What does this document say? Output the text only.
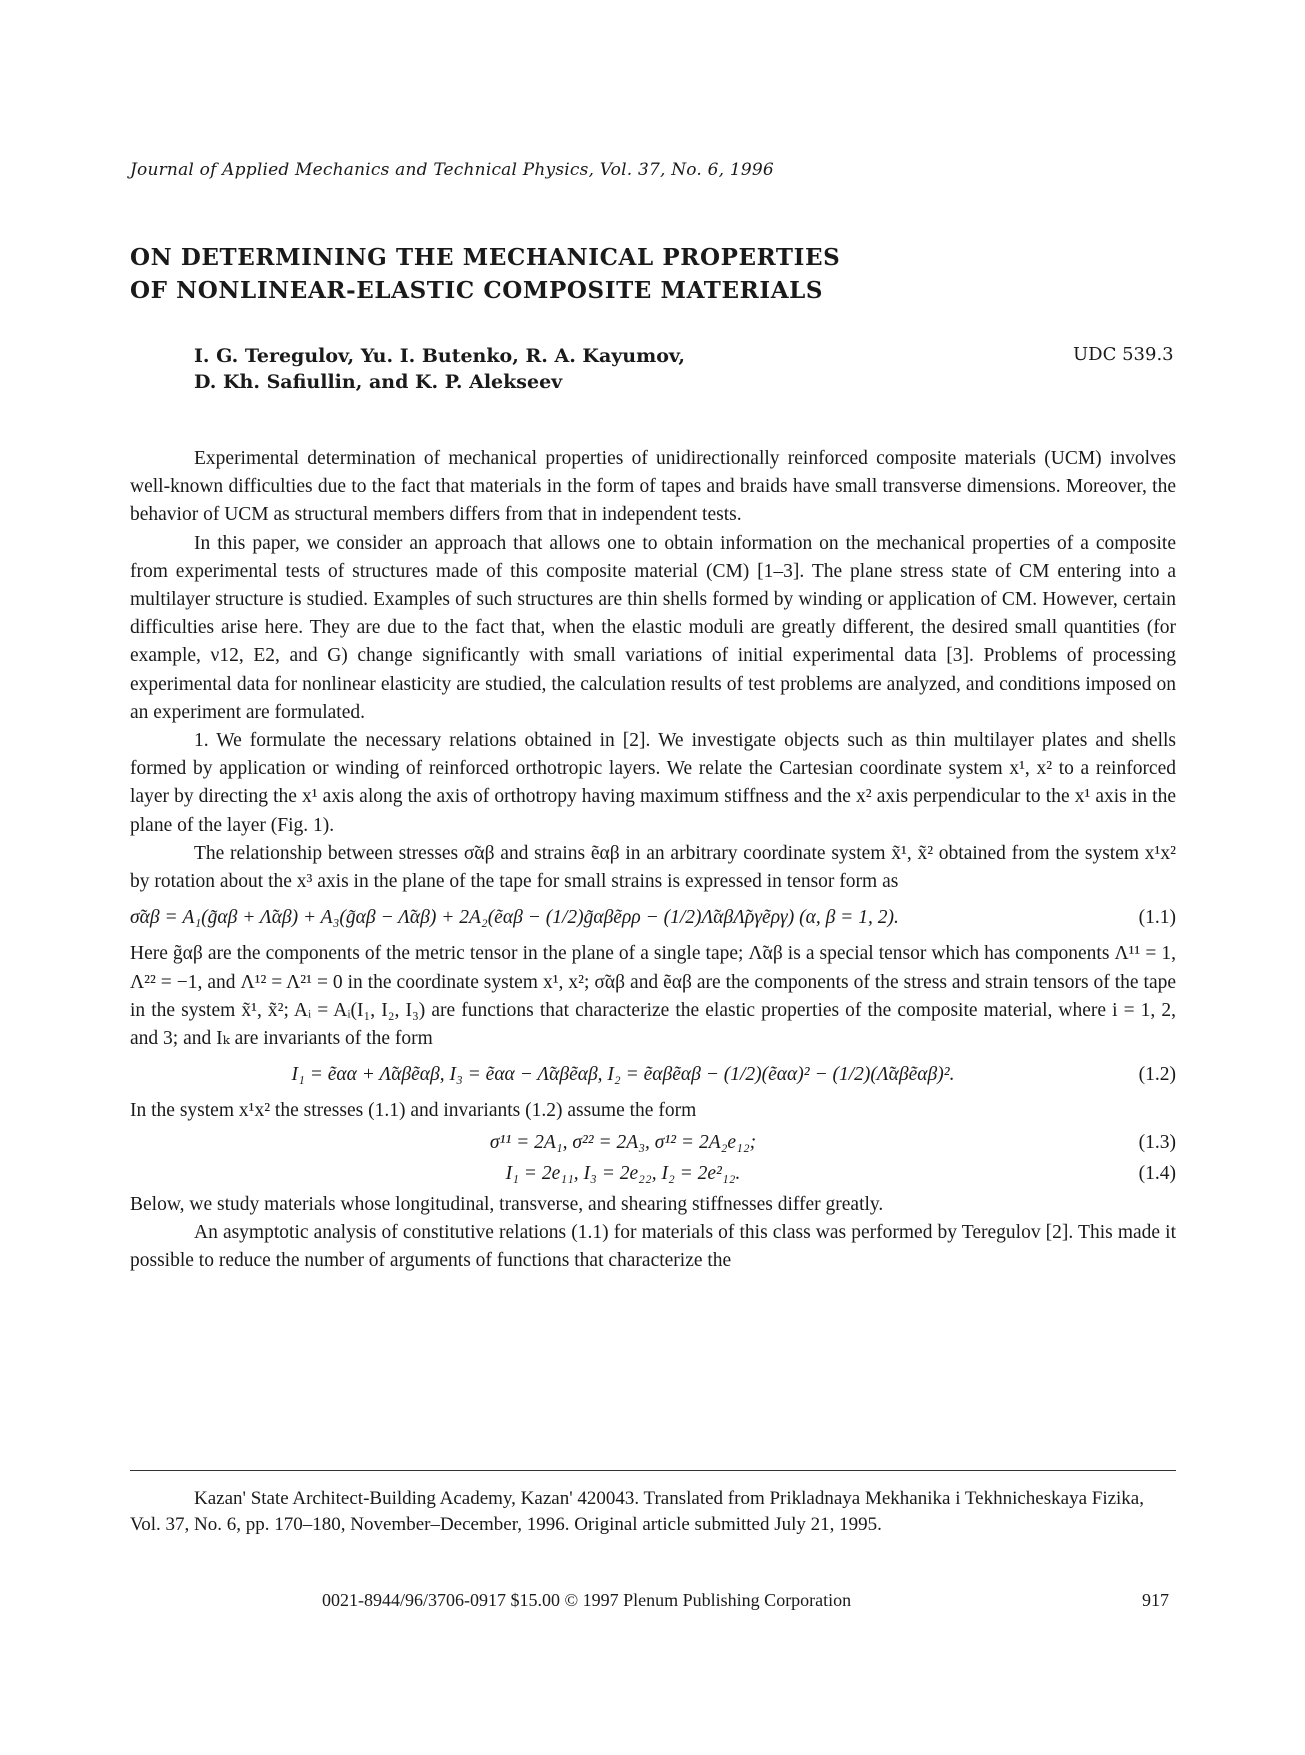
Journal of Applied Mechanics and Technical Physics, Vol. 37, No. 6, 1996
ON DETERMINING THE MECHANICAL PROPERTIES
OF NONLINEAR-ELASTIC COMPOSITE MATERIALS
I. G. Teregulov, Yu. I. Butenko, R. A. Kayumov,
D. Kh. Safiullin, and K. P. Alekseev
UDC 539.3

Experimental determination of mechanical properties of unidirectionally reinforced composite materials (UCM) involves well-known difficulties due to the fact that materials in the form of tapes and braids have small transverse dimensions. Moreover, the behavior of UCM as structural members differs from that in independent tests.

In this paper, we consider an approach that allows one to obtain information on the mechanical properties of a composite from experimental tests of structures made of this composite material (CM) [1–3]. The plane stress state of CM entering into a multilayer structure is studied. Examples of such structures are thin shells formed by winding or application of CM. However, certain difficulties arise here. They are due to the fact that, when the elastic moduli are greatly different, the desired small quantities (for example, ν12, E2, and G) change significantly with small variations of initial experimental data [3]. Problems of processing experimental data for nonlinear elasticity are studied, the calculation results of test problems are analyzed, and conditions imposed on an experiment are formulated.

1. We formulate the necessary relations obtained in [2]. We investigate objects such as thin multilayer plates and shells formed by application or winding of reinforced orthotropic layers. We relate the Cartesian coordinate system x¹, x² to a reinforced layer by directing the x¹ axis along the axis of orthotropy having maximum stiffness and the x² axis perpendicular to the x¹ axis in the plane of the layer (Fig. 1).

The relationship between stresses σ̃αβ and strains ẽαβ in an arbitrary coordinate system x̃¹, x̃² obtained from the system x¹x² by rotation about the x³ axis in the plane of the tape for small strains is expressed in tensor form as

σ̃αβ = A₁(g̃αβ + Λ̃αβ) + A₃(g̃αβ − Λ̃αβ) + 2A₂(ẽαβ − (1/2)g̃αβẽρρ − (1/2)Λ̃αβΛ̃ργẽργ) (α, β = 1, 2).	(1.1)

Here g̃αβ are the components of the metric tensor in the plane of a single tape; Λ̃αβ is a special tensor which has components Λ¹¹ = 1, Λ²² = −1, and Λ¹² = Λ²¹ = 0 in the coordinate system x¹, x²; σ̃αβ and ẽαβ are the components of the stress and strain tensors of the tape in the system x̃¹, x̃²; Aᵢ = Aᵢ(I₁, I₂, I₃) are functions that characterize the elastic properties of the composite material, where i = 1, 2, and 3; and Iₖ are invariants of the form

I₁ = ẽαα + Λ̃αβẽαβ, I₃ = ẽαα − Λ̃αβẽαβ, I₂ = ẽαβẽαβ − (1/2)(ẽαα)² − (1/2)(Λ̃αβẽαβ)².	(1.2)

In the system x¹x² the stresses (1.1) and invariants (1.2) assume the form

σ¹¹ = 2A₁, σ²² = 2A₃, σ¹² = 2A₂e₁₂;	(1.3)
I₁ = 2e₁₁, I₃ = 2e₂₂, I₂ = 2e²₁₂.	(1.4)

Below, we study materials whose longitudinal, transverse, and shearing stiffnesses differ greatly.

An asymptotic analysis of constitutive relations (1.1) for materials of this class was performed by Teregulov [2]. This made it possible to reduce the number of arguments of functions that characterize the

Kazan' State Architect-Building Academy, Kazan' 420043. Translated from Prikladnaya Mekhanika i Tekhnicheskaya Fizika, Vol. 37, No. 6, pp. 170–180, November–December, 1996. Original article submitted July 21, 1995.

0021-8944/96/3706-0917 $15.00 © 1997 Plenum Publishing Corporation	917
